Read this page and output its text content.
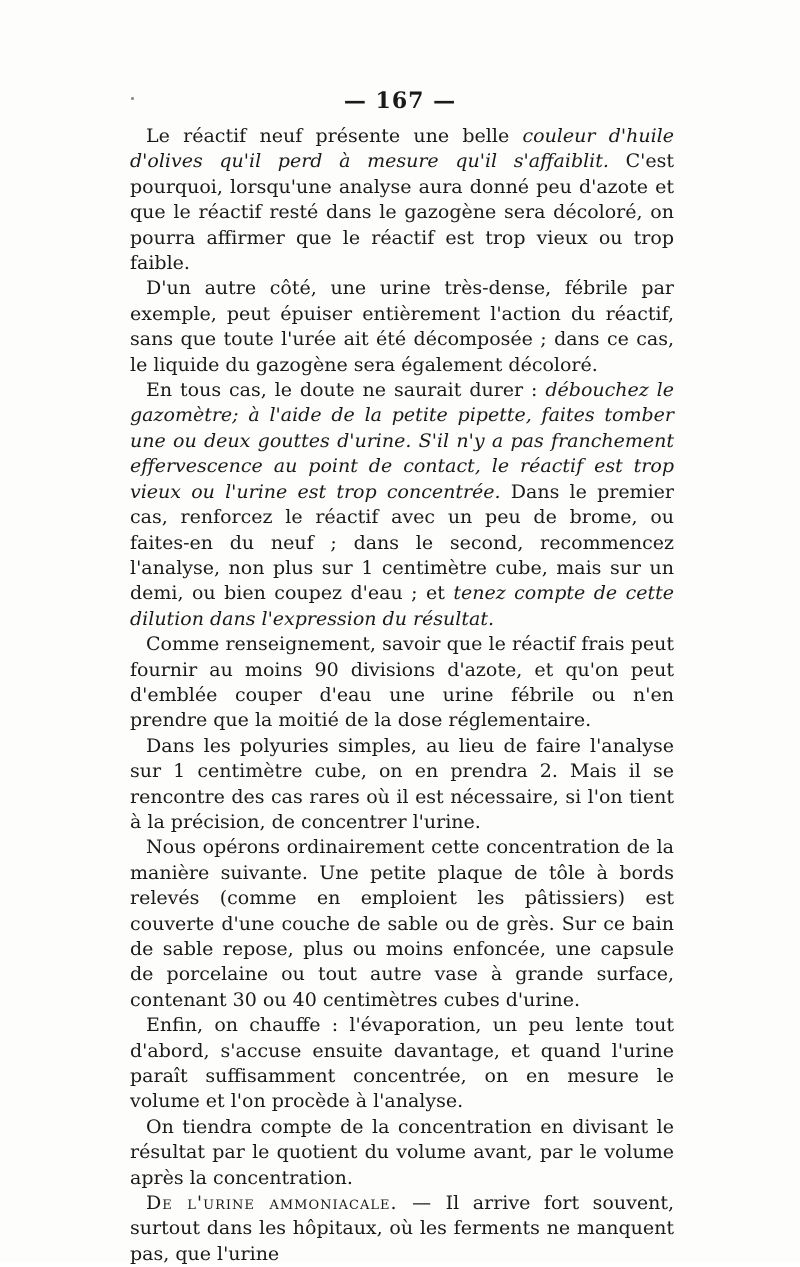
— 167 —

Le réactif neuf présente une belle couleur d'huile d'olives qu'il perd à mesure qu'il s'affaiblit. C'est pourquoi, lorsqu'une analyse aura donné peu d'azote et que le réactif resté dans le gazogène sera décoloré, on pourra affirmer que le réactif est trop vieux ou trop faible.

D'un autre côté, une urine très-dense, fébrile par exemple, peut épuiser entièrement l'action du réactif, sans que toute l'urée ait été décomposée ; dans ce cas, le liquide du gazogène sera également décoloré.

En tous cas, le doute ne saurait durer : débouchez le gazomètre; à l'aide de la petite pipette, faites tomber une ou deux gouttes d'urine. S'il n'y a pas franchement effervescence au point de contact, le réactif est trop vieux ou l'urine est trop concentrée. Dans le premier cas, renforcez le réactif avec un peu de brome, ou faites-en du neuf ; dans le second, recommencez l'analyse, non plus sur 1 centimètre cube, mais sur un demi, ou bien coupez d'eau ; et tenez compte de cette dilution dans l'expression du résultat.

Comme renseignement, savoir que le réactif frais peut fournir au moins 90 divisions d'azote, et qu'on peut d'emblée couper d'eau une urine fébrile ou n'en prendre que la moitié de la dose réglementaire.

Dans les polyuries simples, au lieu de faire l'analyse sur 1 centimètre cube, on en prendra 2. Mais il se rencontre des cas rares où il est nécessaire, si l'on tient à la précision, de concentrer l'urine.

Nous opérons ordinairement cette concentration de la manière suivante. Une petite plaque de tôle à bords relevés (comme en emploient les pâtissiers) est couverte d'une couche de sable ou de grès. Sur ce bain de sable repose, plus ou moins enfoncée, une capsule de porcelaine ou tout autre vase à grande surface, contenant 30 ou 40 centimètres cubes d'urine.

Enfin, on chauffe : l'évaporation, un peu lente tout d'abord, s'accuse ensuite davantage, et quand l'urine paraît suffisamment concentrée, on en mesure le volume et l'on procède à l'analyse.

On tiendra compte de la concentration en divisant le résultat par le quotient du volume avant, par le volume après la concentration.

De l'urine ammoniacale. — Il arrive fort souvent, surtout dans les hôpitaux, où les ferments ne manquent pas, que l'urine
